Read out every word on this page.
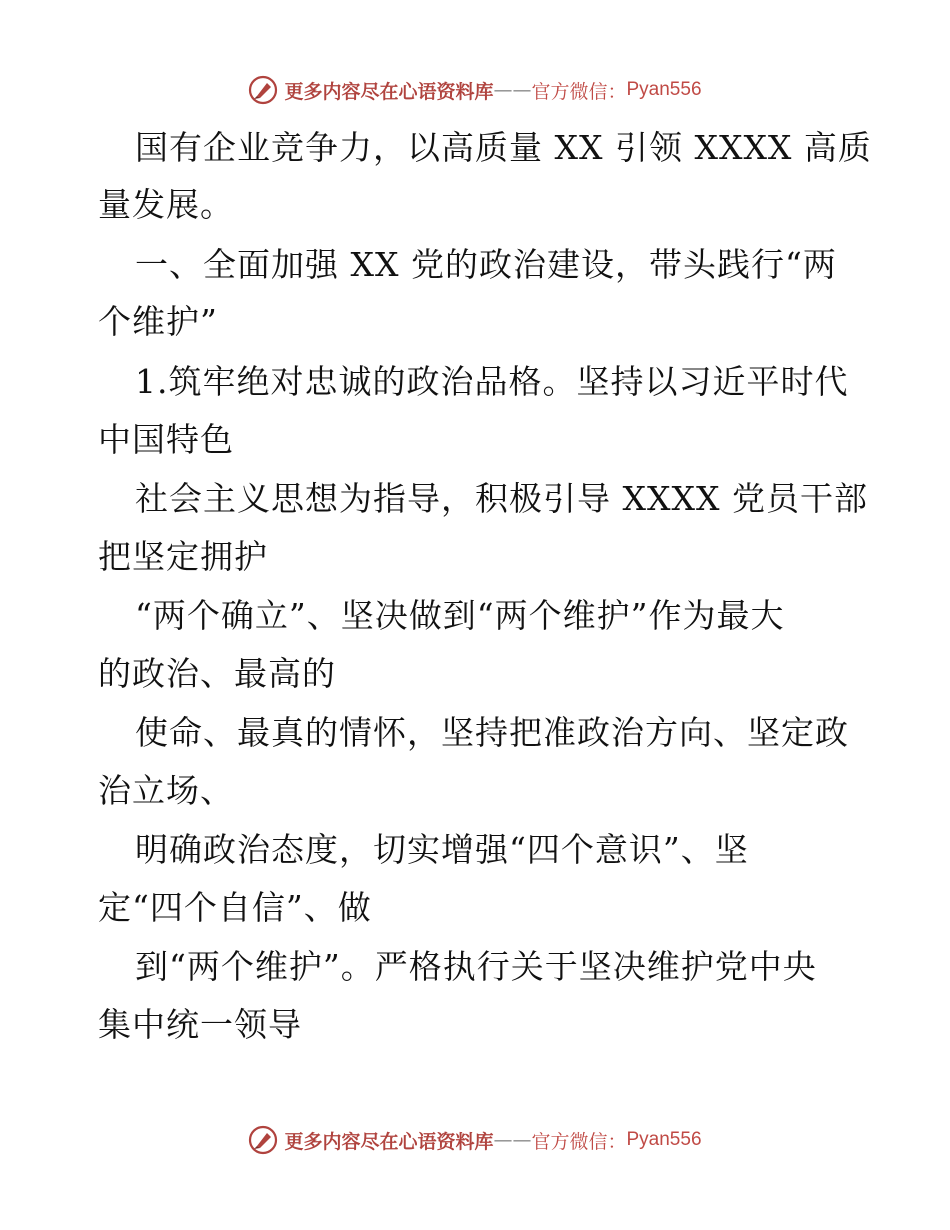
更多内容尽在心语资料库 —— 官方微信： Pyan556
国有企业竞争力，以高质量 XX 引领 XXXX 高质
量发展。
一、全面加强 XX 党的政治建设，带头践行“两
个维护”
1.筑牢绝对忠诚的政治品格。坚持以习近平时代
中国特色
社会主义思想为指导，积极引导 XXXX 党员干部
把坚定拥护
“两个确立”、坚决做到“两个维护”作为最大
的政治、最高的
使命、最真的情怀，坚持把准政治方向、坚定政
治立场、
明确政治态度，切实增强“四个意识”、坚
定“四个自信”、做
到“两个维护”。严格执行关于坚决维护党中央
集中统一领导
更多内容尽在心语资料库 —— 官方微信： Pyan556
